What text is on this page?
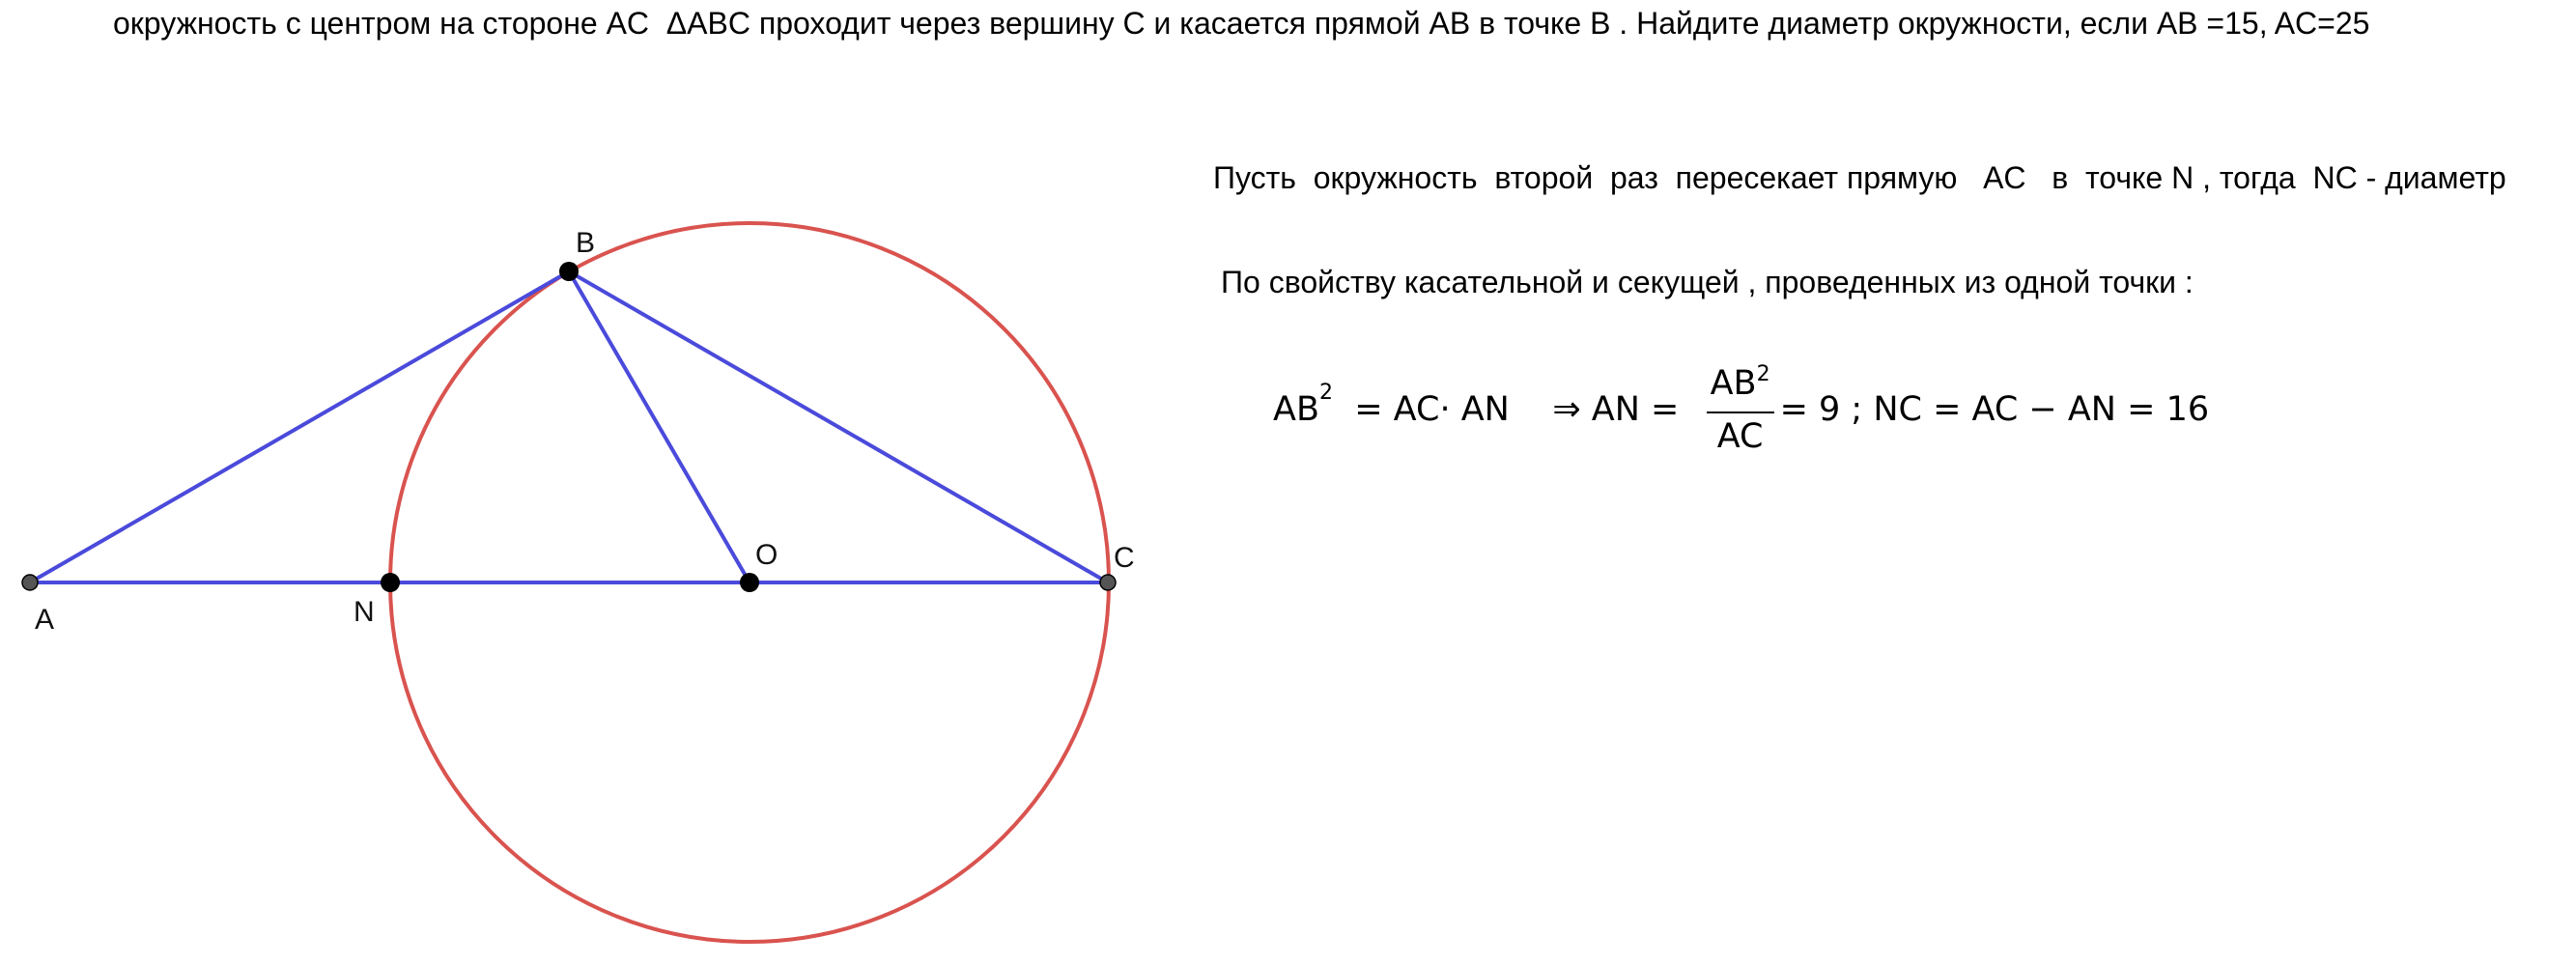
окружность с центром на стороне AC  ΔABC проходит через вершину C и касается прямой AB в точке B . Найдите диаметр окружности, если AB =15, AC=25
A
B
C
N
O
Пусть  окружность  второй  раз  пересекает прямую   AC   в  точке N , тогда  NC - диаметр
По свойству касательной и секущей , проведенных из одной точки :
AB 2 = AC· AN    ⇒ AN = $\frac{AB^2}{AC} = 9$ ; NC = AC − AN = 16
